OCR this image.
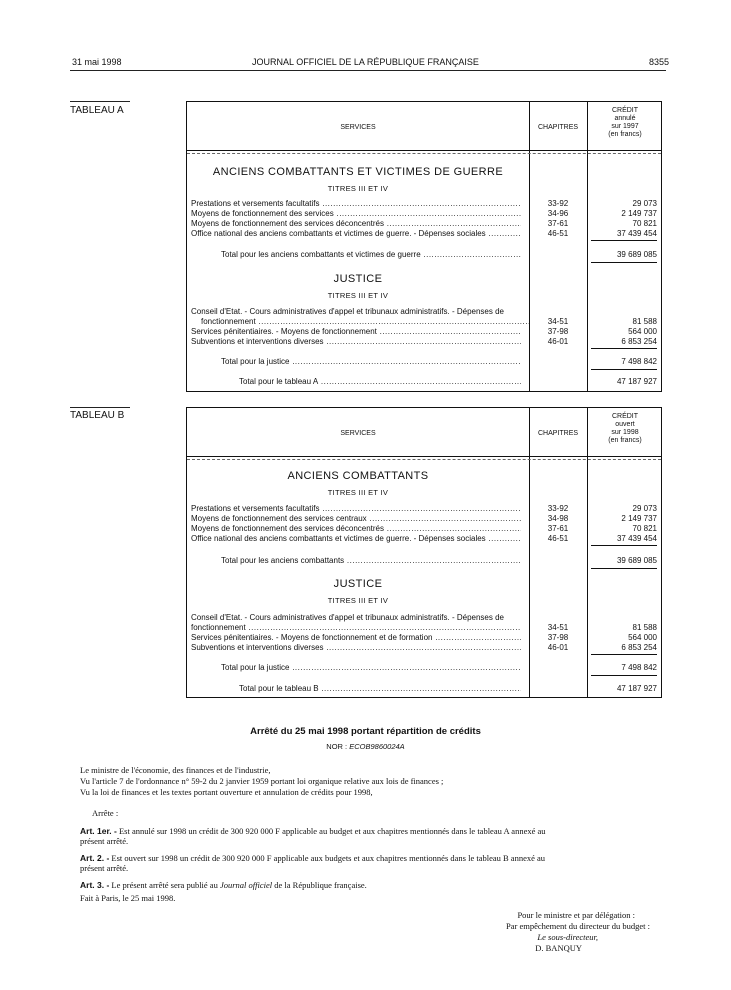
31 mai 1998	JOURNAL OFFICIEL DE LA RÉPUBLIQUE FRANÇAISE	8355
TABLEAU A
SERVICES	CHAPITRES
CRÉDIT
annulé
sur 1997
(en francs)
ANCIENS COMBATTANTS ET VICTIMES DE GUERRE
TITRES III ET IV
Prestations et versements facultatifs .....	33-92	29 073
Moyens de fonctionnement des services .....	34-96	2 149 737
Moyens de fonctionnement des services déconcentrés .....	37-61	70 821
Office national des anciens combattants et victimes de guerre. - Dépenses sociales .....	46-51	37 439 454
Total pour les anciens combattants et victimes de guerre .....	39 689 085
JUSTICE
TITRES III ET IV
Conseil d'Etat. - Cours administratives d'appel et tribunaux administratifs. - Dépenses de
fonctionnement .....	34-51	81 588
Services pénitentiaires. - Moyens de fonctionnement .....	37-98	564 000
Subventions et interventions diverses .....	46-01	6 853 254
Total pour la justice .....	7 498 842
Total pour le tableau A .....	47 187 927
TABLEAU B
SERVICES	CHAPITRES
CRÉDIT
ouvert
sur 1998
(en francs)
ANCIENS COMBATTANTS
TITRES III ET IV
Prestations et versements facultatifs .....	33-92	29 073
Moyens de fonctionnement des services centraux .....	34-98	2 149 737
Moyens de fonctionnement des services déconcentrés .....	37-61	70 821
Office national des anciens combattants et victimes de guerre. - Dépenses sociales .....	46-51	37 439 454
Total pour les anciens combattants .....	39 689 085
JUSTICE
TITRES III ET IV
Conseil d'Etat. - Cours administratives d'appel et tribunaux administratifs. - Dépenses de
fonctionnement .....	34-51	81 588
Services pénitentiaires. - Moyens de fonctionnement et de formation .....	37-98	564 000
Subventions et interventions diverses .....	46-01	6 853 254
Total pour la justice .....	7 498 842
Total pour le tableau B .....	47 187 927
Arrêté du 25 mai 1998 portant répartition de crédits
NOR : ECOB9860024A
Le ministre de l'économie, des finances et de l'industrie,
Vu l'article 7 de l'ordonnance n° 59-2 du 2 janvier 1959 portant loi organique relative aux lois de finances ;
Vu la loi de finances et les textes portant ouverture et annulation de crédits pour 1998,
Arrête :
Art. 1er. - Est annulé sur 1998 un crédit de 300 920 000 F applicable au budget et aux chapitres mentionnés dans le tableau A annexé au
présent arrêté.
Art. 2. - Est ouvert sur 1998 un crédit de 300 920 000 F applicable aux budgets et aux chapitres mentionnés dans le tableau B annexé au
présent arrêté.
Art. 3. - Le présent arrêté sera publié au Journal officiel de la République française.
Fait à Paris, le 25 mai 1998.
Pour le ministre et par délégation :
Par empêchement du directeur du budget :
Le sous-directeur,
D. BANQUY
